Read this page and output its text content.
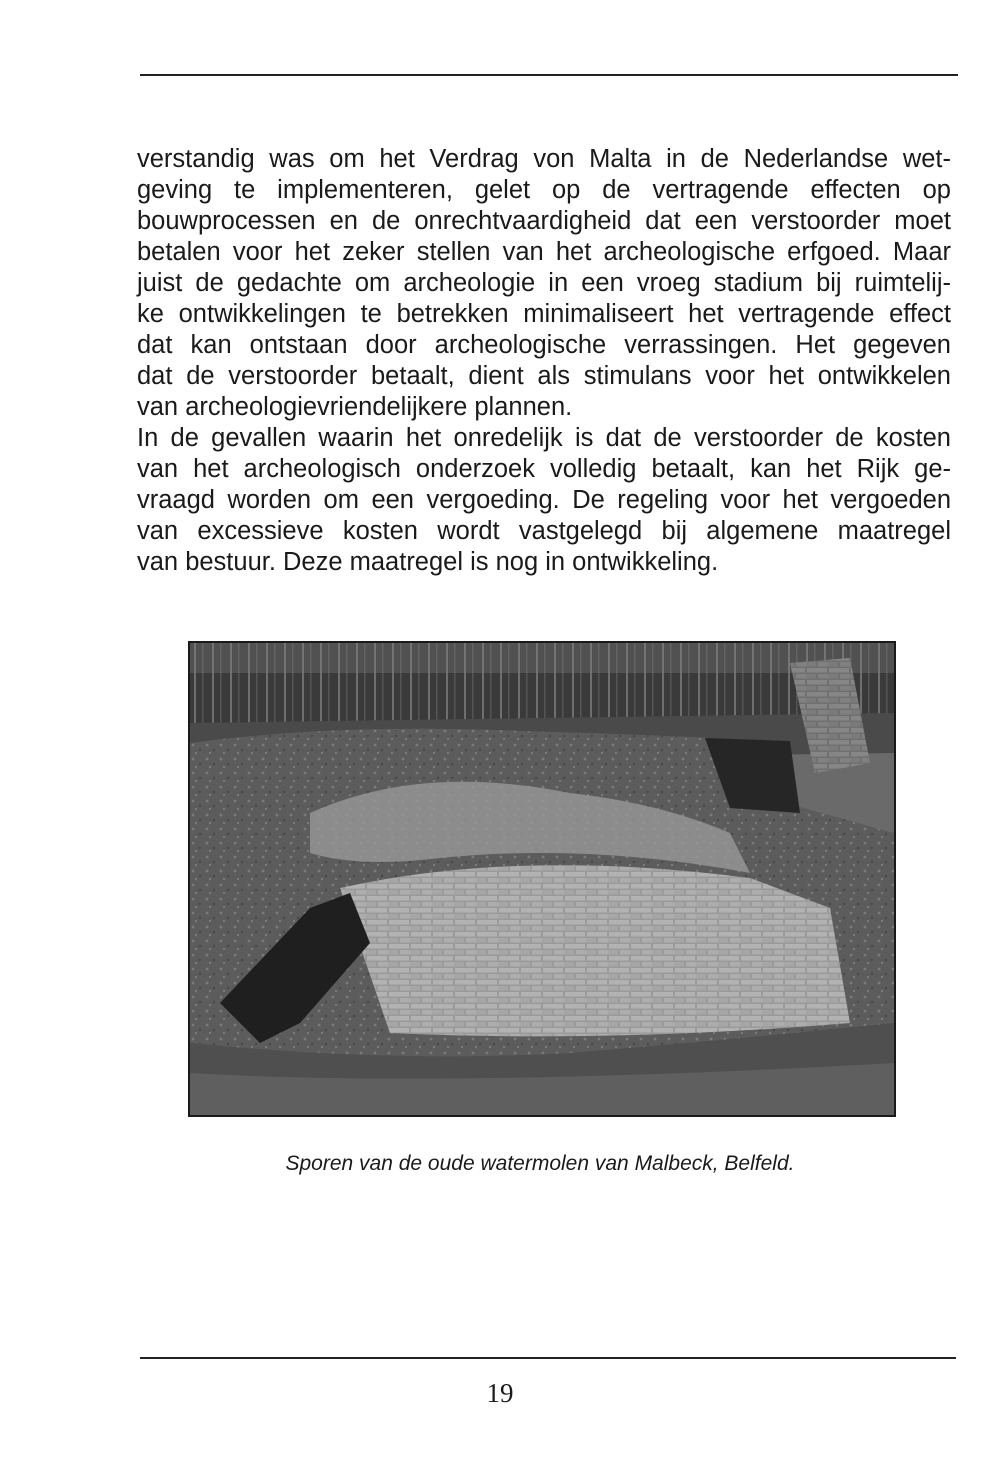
verstandig was om het Verdrag von Malta in de Nederlandse wet-
geving te implementeren, gelet op de vertragende effecten op
bouwprocessen en de onrechtvaardigheid dat een verstoorder moet
betalen voor het zeker stellen van het archeologische erfgoed. Maar
juist de gedachte om archeologie in een vroeg stadium bij ruimtelij-
ke ontwikkelingen te betrekken minimaliseert het vertragende effect
dat kan ontstaan door archeologische verrassingen. Het gegeven
dat de verstoorder betaalt, dient als stimulans voor het ontwikkelen
van archeologievriendelijkere plannen.

In de gevallen waarin het onredelijk is dat de verstoorder de kosten
van het archeologisch onderzoek volledig betaalt, kan het Rijk ge-
vraagd worden om een vergoeding. De regeling voor het vergoeden
van excessieve kosten wordt vastgelegd bij algemene maatregel
van bestuur. Deze maatregel is nog in ontwikkeling.

Sporen van de oude watermolen van Malbeck, Belfeld.
19
